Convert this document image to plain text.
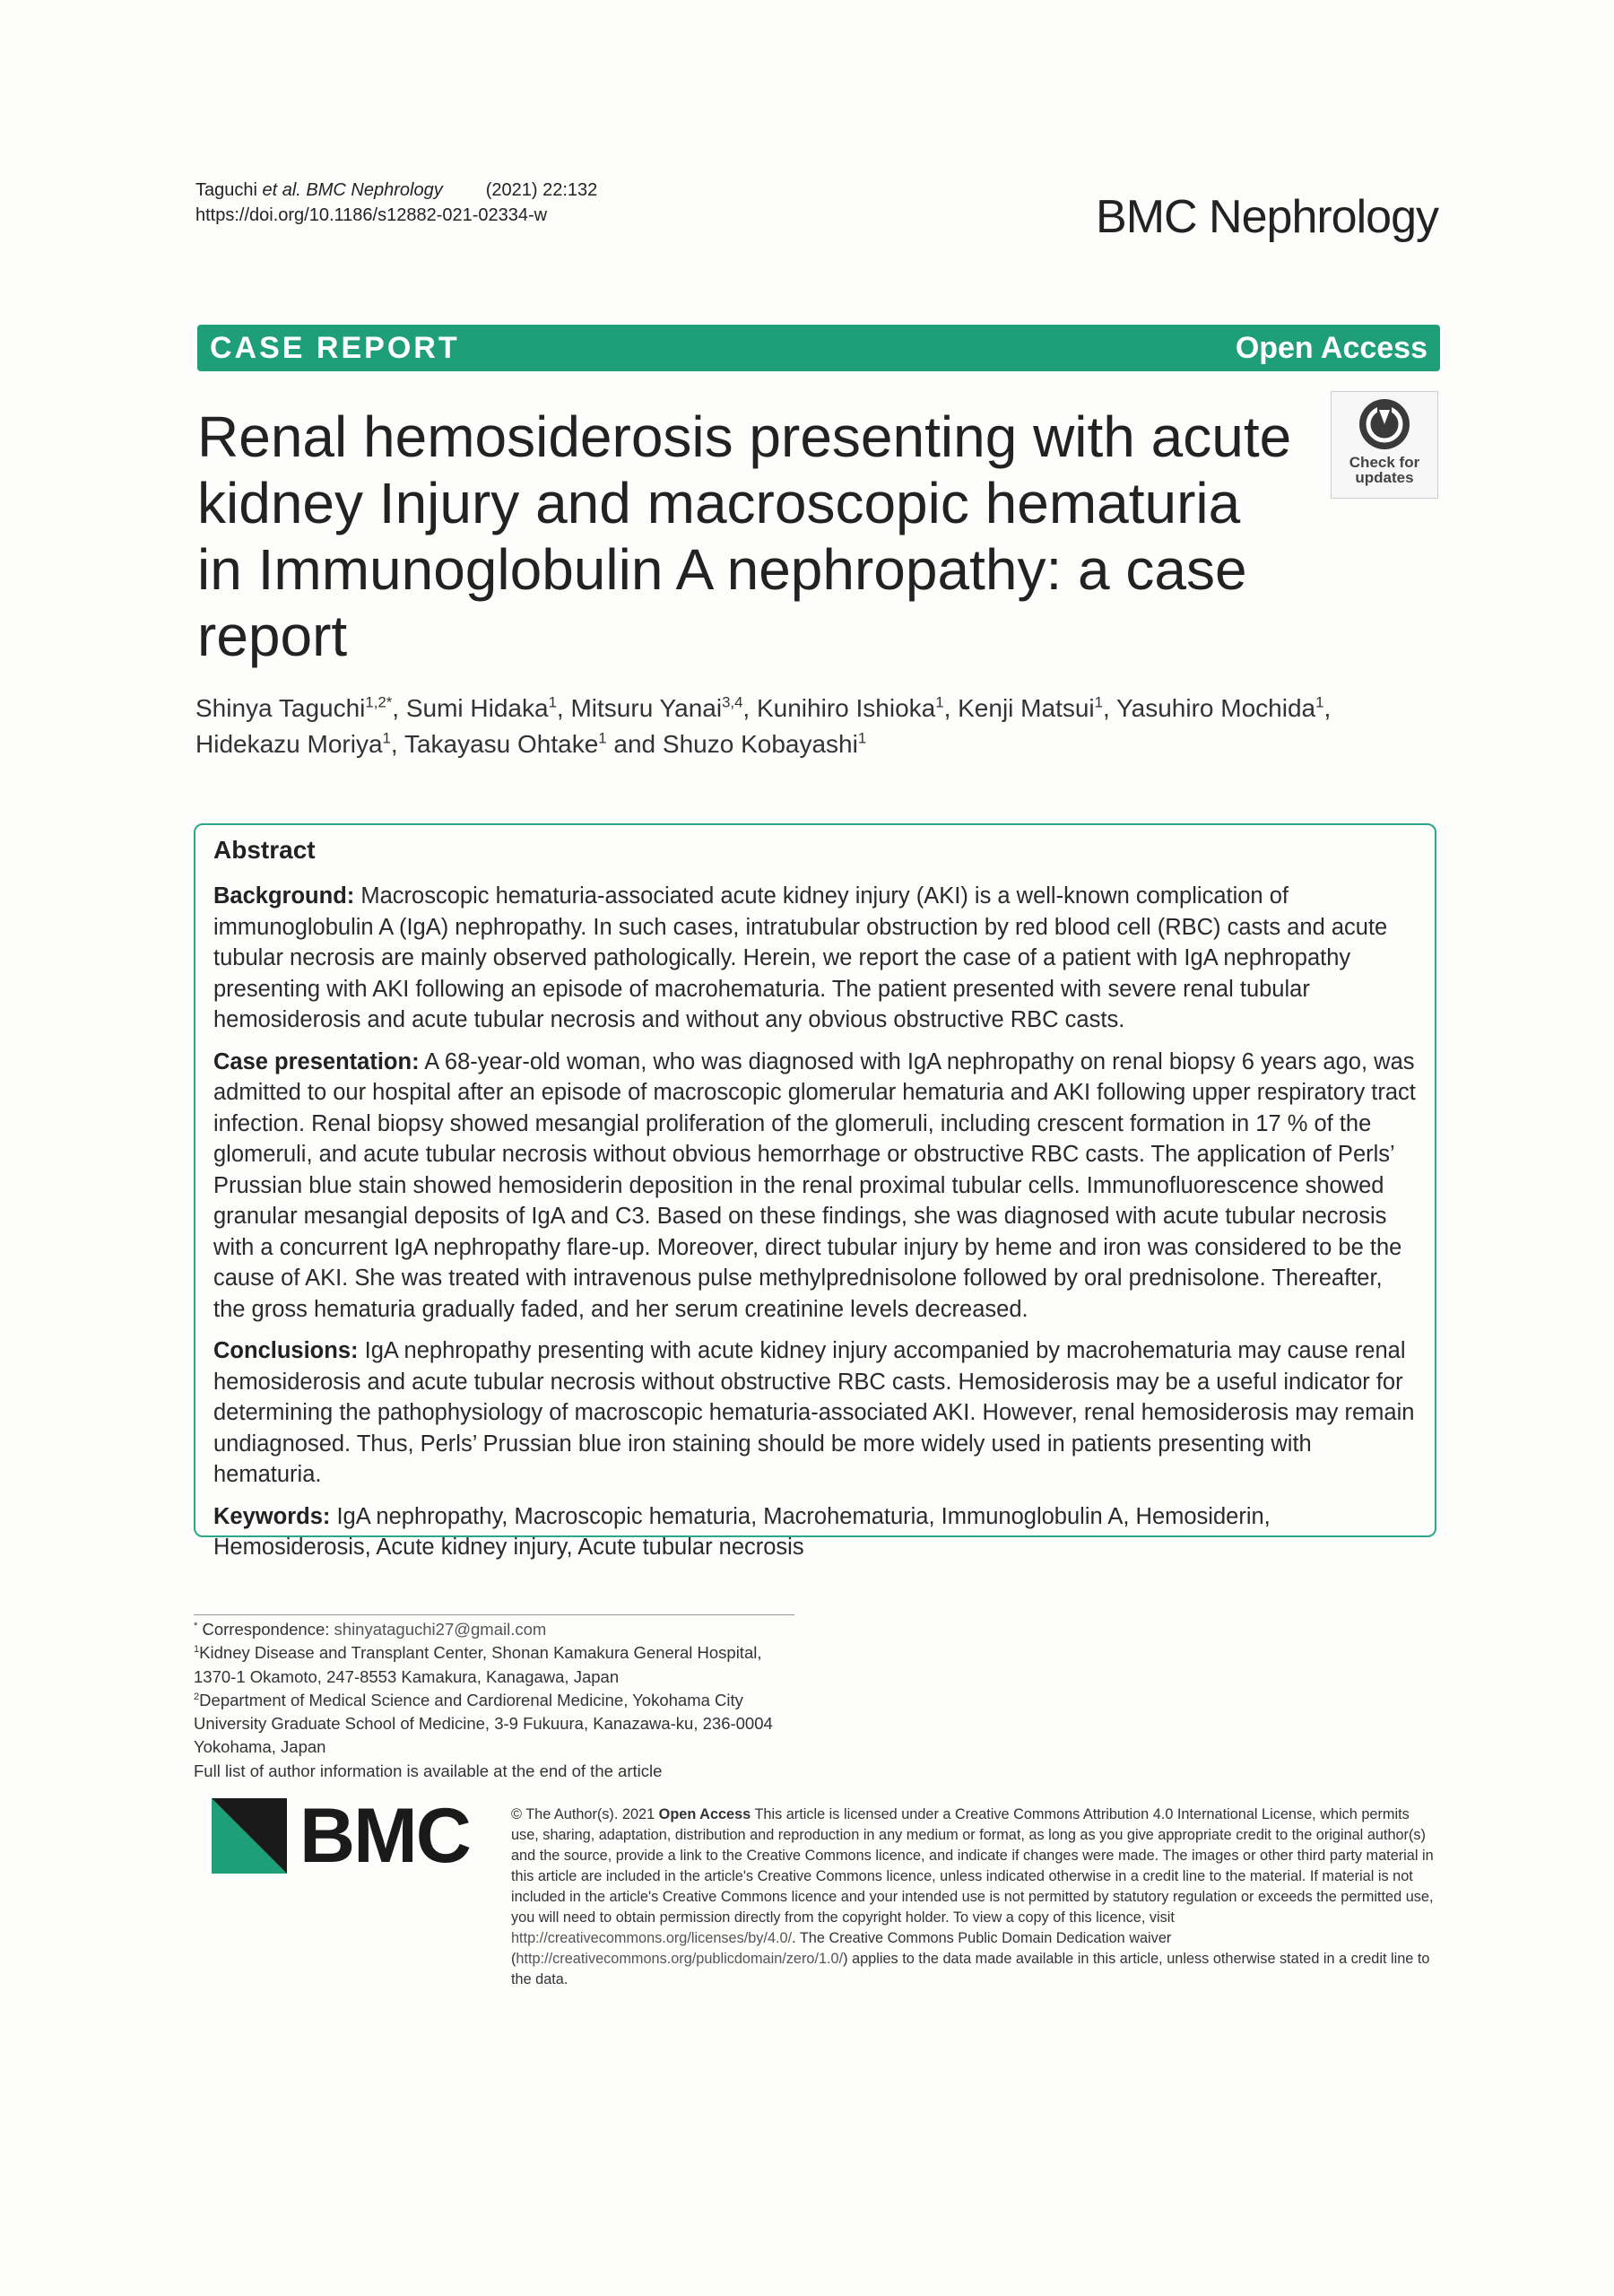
Taguchi et al. BMC Nephrology (2021) 22:132
https://doi.org/10.1186/s12882-021-02334-w	BMC Nephrology
CASE REPORT	Open Access
Renal hemosiderosis presenting with acute kidney Injury and macroscopic hematuria in Immunoglobulin A nephropathy: a case report
Check for
updates
Shinya Taguchi$^{1,2*}$, Sumi Hidaka$^1$, Mitsuru Yanai$^{3,4}$, Kunihiro Ishioka$^1$, Kenji Matsui$^1$, Yasuhiro Mochida$^1$,
Hidekazu Moriya$^1$, Takayasu Ohtake$^1$ and Shuzo Kobayashi$^1$
Abstract

Background: Macroscopic hematuria-associated acute kidney injury (AKI) is a well-known complication of immunoglobulin A (IgA) nephropathy. In such cases, intratubular obstruction by red blood cell (RBC) casts and acute tubular necrosis are mainly observed pathologically. Herein, we report the case of a patient with IgA nephropathy presenting with AKI following an episode of macrohematuria. The patient presented with severe renal tubular hemosiderosis and acute tubular necrosis and without any obvious obstructive RBC casts.

Case presentation: A 68-year-old woman, who was diagnosed with IgA nephropathy on renal biopsy 6 years ago, was admitted to our hospital after an episode of macroscopic glomerular hematuria and AKI following upper respiratory tract infection. Renal biopsy showed mesangial proliferation of the glomeruli, including crescent formation in 17 % of the glomeruli, and acute tubular necrosis without obvious hemorrhage or obstructive RBC casts. The application of Perls’ Prussian blue stain showed hemosiderin deposition in the renal proximal tubular cells. Immunofluorescence showed granular mesangial deposits of IgA and C3. Based on these findings, she was diagnosed with acute tubular necrosis with a concurrent IgA nephropathy flare-up. Moreover, direct tubular injury by heme and iron was considered to be the cause of AKI. She was treated with intravenous pulse methylprednisolone followed by oral prednisolone. Thereafter, the gross hematuria gradually faded, and her serum creatinine levels decreased.

Conclusions: IgA nephropathy presenting with acute kidney injury accompanied by macrohematuria may cause renal hemosiderosis and acute tubular necrosis without obstructive RBC casts. Hemosiderosis may be a useful indicator for determining the pathophysiology of macroscopic hematuria-associated AKI. However, renal hemosiderosis may remain undiagnosed. Thus, Perls’ Prussian blue iron staining should be more widely used in patients presenting with hematuria.

Keywords: IgA nephropathy, Macroscopic hematuria, Macrohematuria, Immunoglobulin A, Hemosiderin, Hemosiderosis, Acute kidney injury, Acute tubular necrosis

* Correspondence: shinyataguchi27@gmail.com
$^1$Kidney Disease and Transplant Center, Shonan Kamakura General Hospital,
1370-1 Okamoto, 247-8553 Kamakura, Kanagawa, Japan
$^2$Department of Medical Science and Cardiorenal Medicine, Yokohama City
University Graduate School of Medicine, 3-9 Fukuura, Kanazawa-ku, 236-0004
Yokohama, Japan
Full list of author information is available at the end of the article
BMC	© The Author(s). 2021 Open Access This article is licensed under a Creative Commons Attribution 4.0 International License, which permits use, sharing, adaptation, distribution and reproduction in any medium or format, as long as you give appropriate credit to the original author(s) and the source, provide a link to the Creative Commons licence, and indicate if changes were made. The images or other third party material in this article are included in the article's Creative Commons licence, unless indicated otherwise in a credit line to the material. If material is not included in the article's Creative Commons licence and your intended use is not permitted by statutory regulation or exceeds the permitted use, you will need to obtain permission directly from the copyright holder. To view a copy of this licence, visit http://creativecommons.org/licenses/by/4.0/. The Creative Commons Public Domain Dedication waiver (http://creativecommons.org/publicdomain/zero/1.0/) applies to the data made available in this article, unless otherwise stated in a credit line to the data.
